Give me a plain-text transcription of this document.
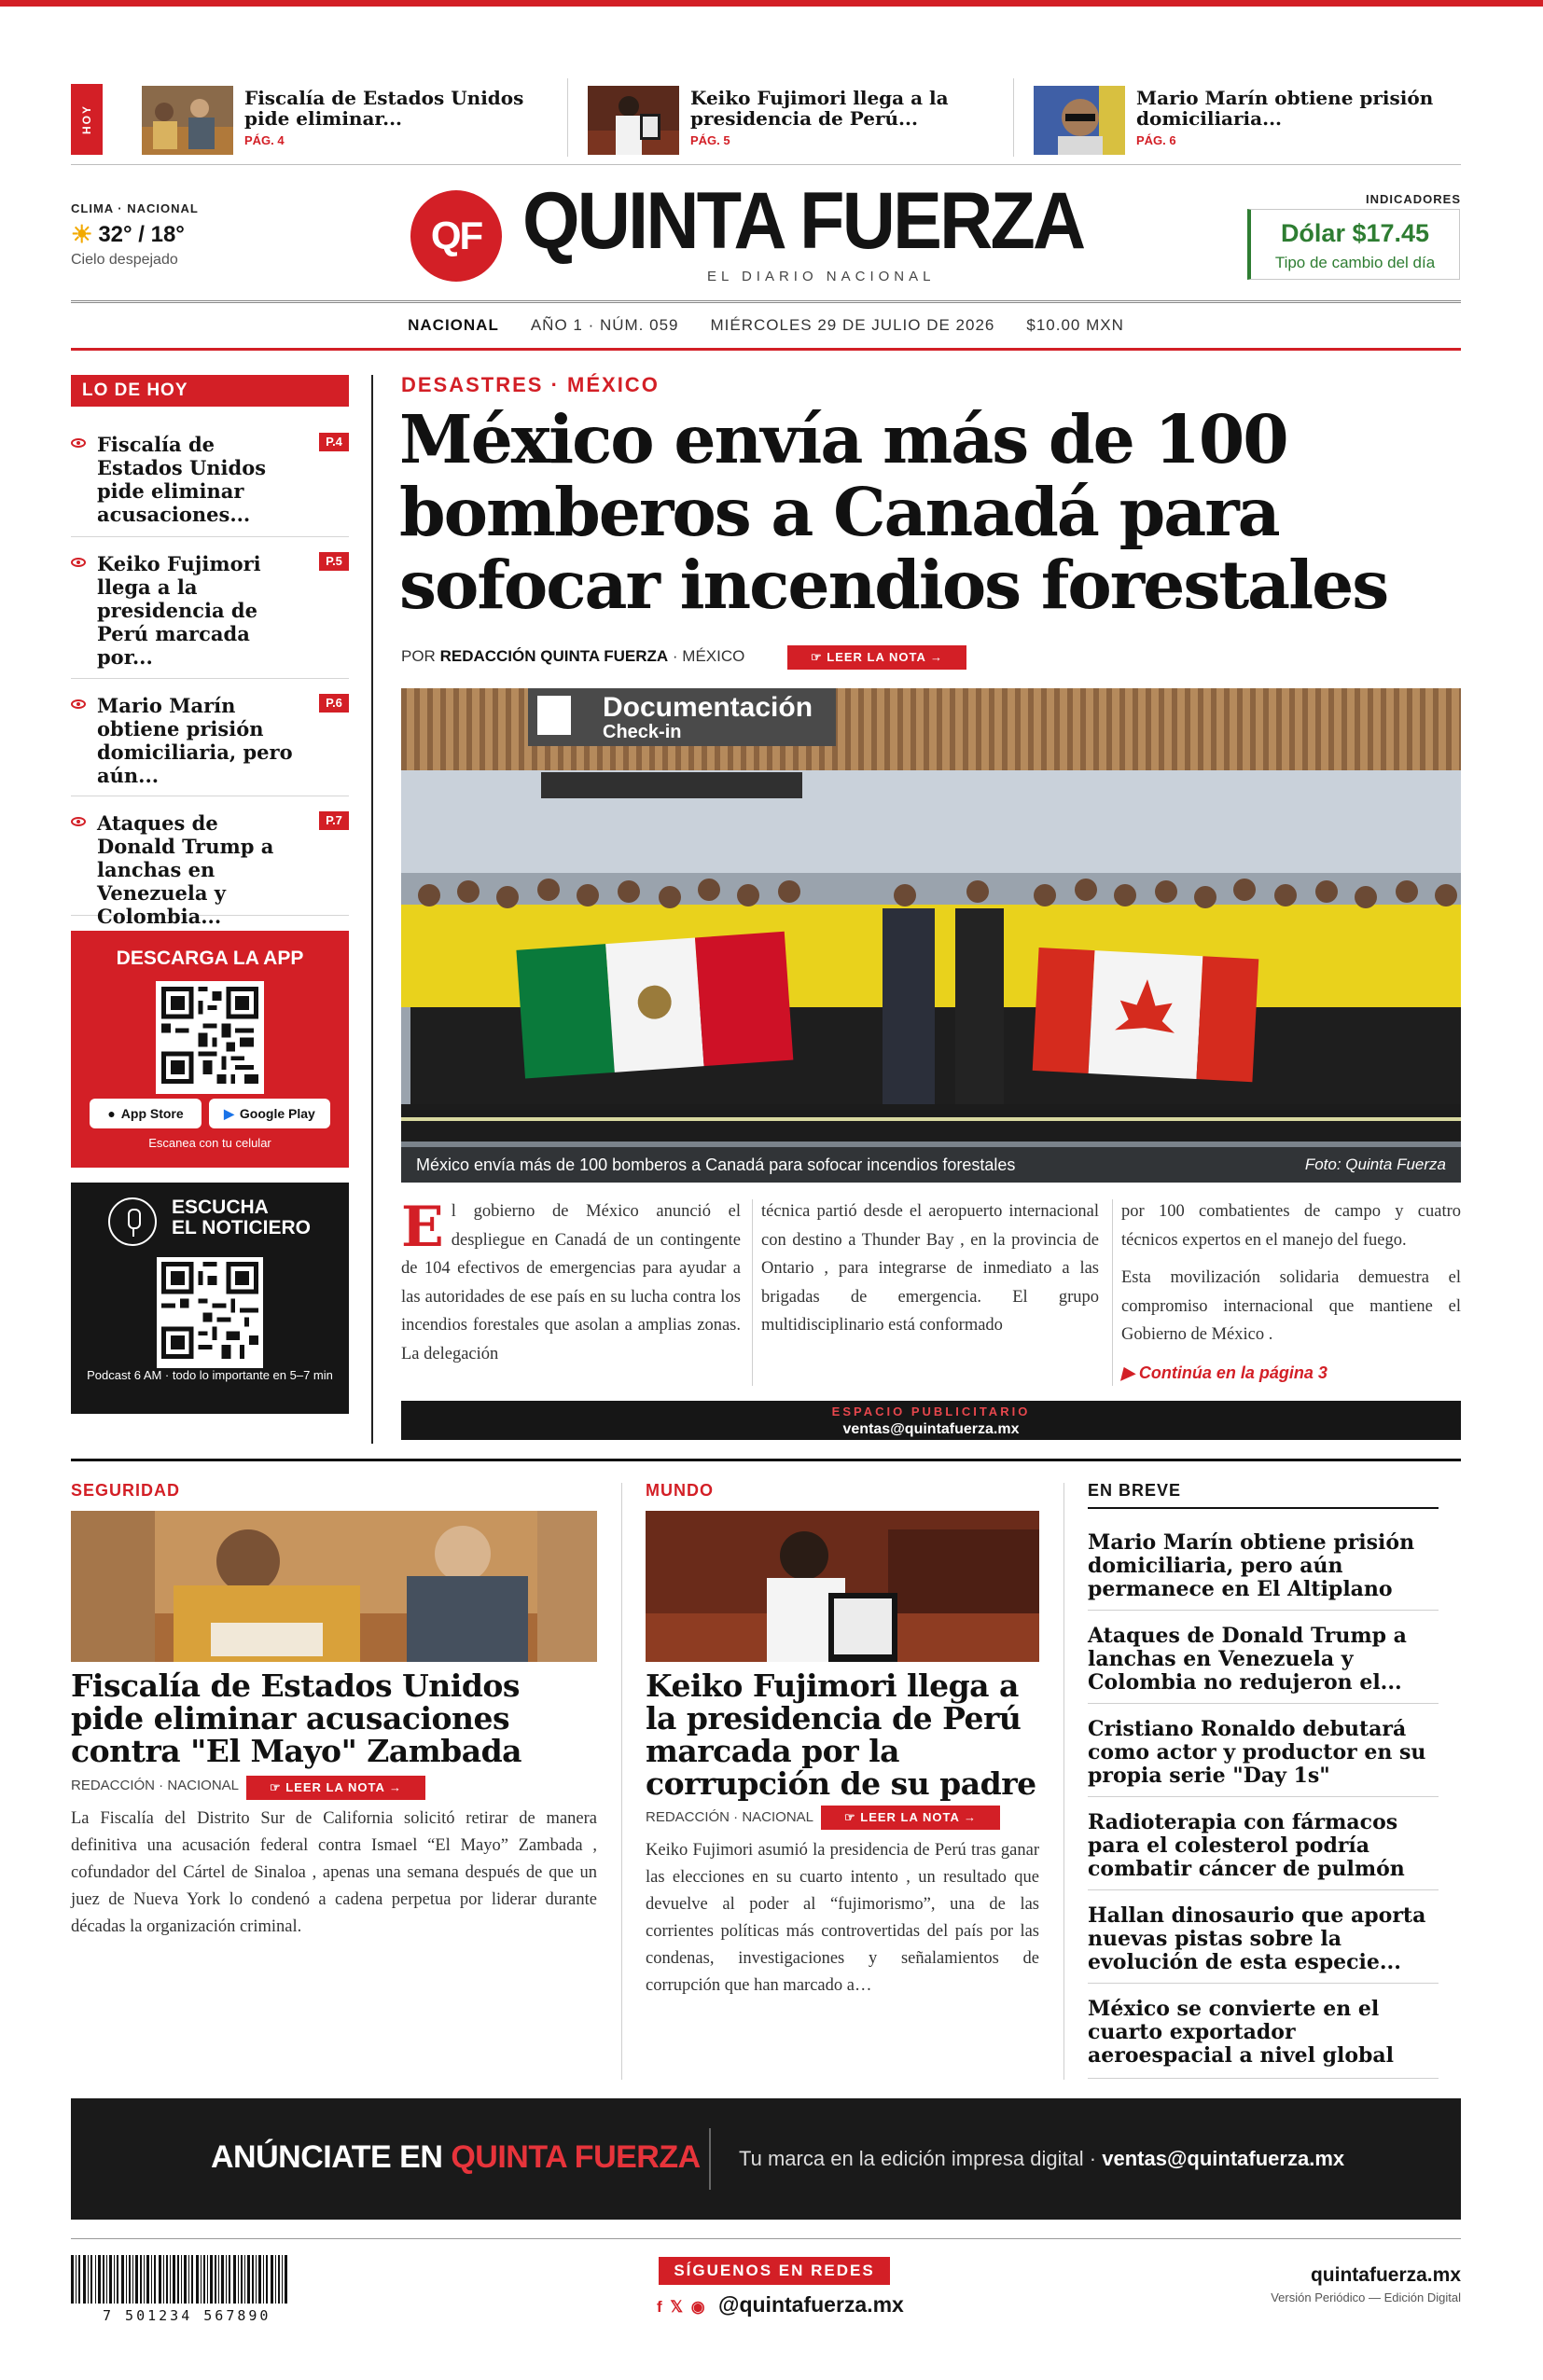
HOY
Fiscalía de Estados Unidos pide eliminar...
PÁG. 4
Keiko Fujimori llega a la presidencia de Perú...
PÁG. 5
Mario Marín obtiene prisión domiciliaria...
PÁG. 6
CLIMA · NACIONAL
☀ 32° / 18°
Cielo despejado
QF QUINTA FUERZA
EL DIARIO NACIONAL
INDICADORES
Dólar $17.45
Tipo de cambio del día
NACIONAL AÑO 1 · NÚM. 059 MIÉRCOLES 29 DE JULIO DE 2026 $10.00 MXN
LO DE HOY
Fiscalía de Estados Unidos pide eliminar acusaciones...
P.4
Keiko Fujimori llega a la presidencia de Perú marcada por...
P.5
Mario Marín obtiene prisión domiciliaria, pero aún...
P.6
Ataques de Donald Trump a lanchas en Venezuela y Colombia...
P.7
DESCARGA LA APP
● App Store	▶ Google Play
Escanea con tu celular
ESCUCHA
EL NOTICIERO
Podcast 6 AM · todo lo importante en 5–7 min
DESASTRES · MÉXICO
México envía más de 100 bomberos a Canadá para sofocar incendios forestales
POR REDACCIÓN QUINTA FUERZA · MÉXICO	☞ LEER LA NOTA →
Documentación
Check-in
México envía más de 100 bomberos a Canadá para sofocar incendios forestales	Foto: Quinta Fuerza
El gobierno de México anunció el despliegue en Canadá de un contingente de 104 efectivos de emergencias para ayudar a las autoridades de ese país en su lucha contra los incendios forestales que asolan a amplias zonas. La delegación
técnica partió desde el aeropuerto internacional con destino a Thunder Bay , en la provincia de Ontario , para integrarse de inmediato a las brigadas de emergencia. El grupo multidisciplinario está conformado
por 100 combatientes de campo y cuatro técnicos expertos en el manejo del fuego.
Esta movilización solidaria demuestra el compromiso internacional que mantiene el Gobierno de México .
▶ Continúa en la página 3
ESPACIO PUBLICITARIO
ventas@quintafuerza.mx
SEGURIDAD
Fiscalía de Estados Unidos pide eliminar acusaciones contra "El Mayo" Zambada
REDACCIÓN · NACIONAL	☞ LEER LA NOTA →
La Fiscalía del Distrito Sur de California solicitó retirar de manera definitiva una acusación federal contra Ismael “El Mayo” Zambada , cofundador del Cártel de Sinaloa , apenas una semana después de que un juez de Nueva York lo condenó a cadena perpetua por liderar durante décadas la organización criminal.
MUNDO
Keiko Fujimori llega a la presidencia de Perú marcada por la corrupción de su padre
REDACCIÓN · NACIONAL	☞ LEER LA NOTA →
Keiko Fujimori asumió la presidencia de Perú tras ganar las elecciones en su cuarto intento , un resultado que devuelve al poder al “fujimorismo”, una de las corrientes políticas más controvertidas del país por las condenas, investigaciones y señalamientos de corrupción que han marcado a…
EN BREVE
Mario Marín obtiene prisión domiciliaria, pero aún permanece en El Altiplano
Ataques de Donald Trump a lanchas en Venezuela y Colombia no redujeron el...
Cristiano Ronaldo debutará como actor y productor en su propia serie "Day 1s"
Radioterapia con fármacos para el colesterol podría combatir cáncer de pulmón
Hallan dinosaurio que aporta nuevas pistas sobre la evolución de esta especie...
México se convierte en el cuarto exportador aeroespacial a nivel global
ANÚNCIATE EN QUINTA FUERZA Tu marca en la edición impresa digital · ventas@quintafuerza.mx
7 501234 567890
SÍGUENOS EN REDES
f 𝕏 ◉ @quintafuerza.mx
quintafuerza.mx
Versión Periódico — Edición Digital
